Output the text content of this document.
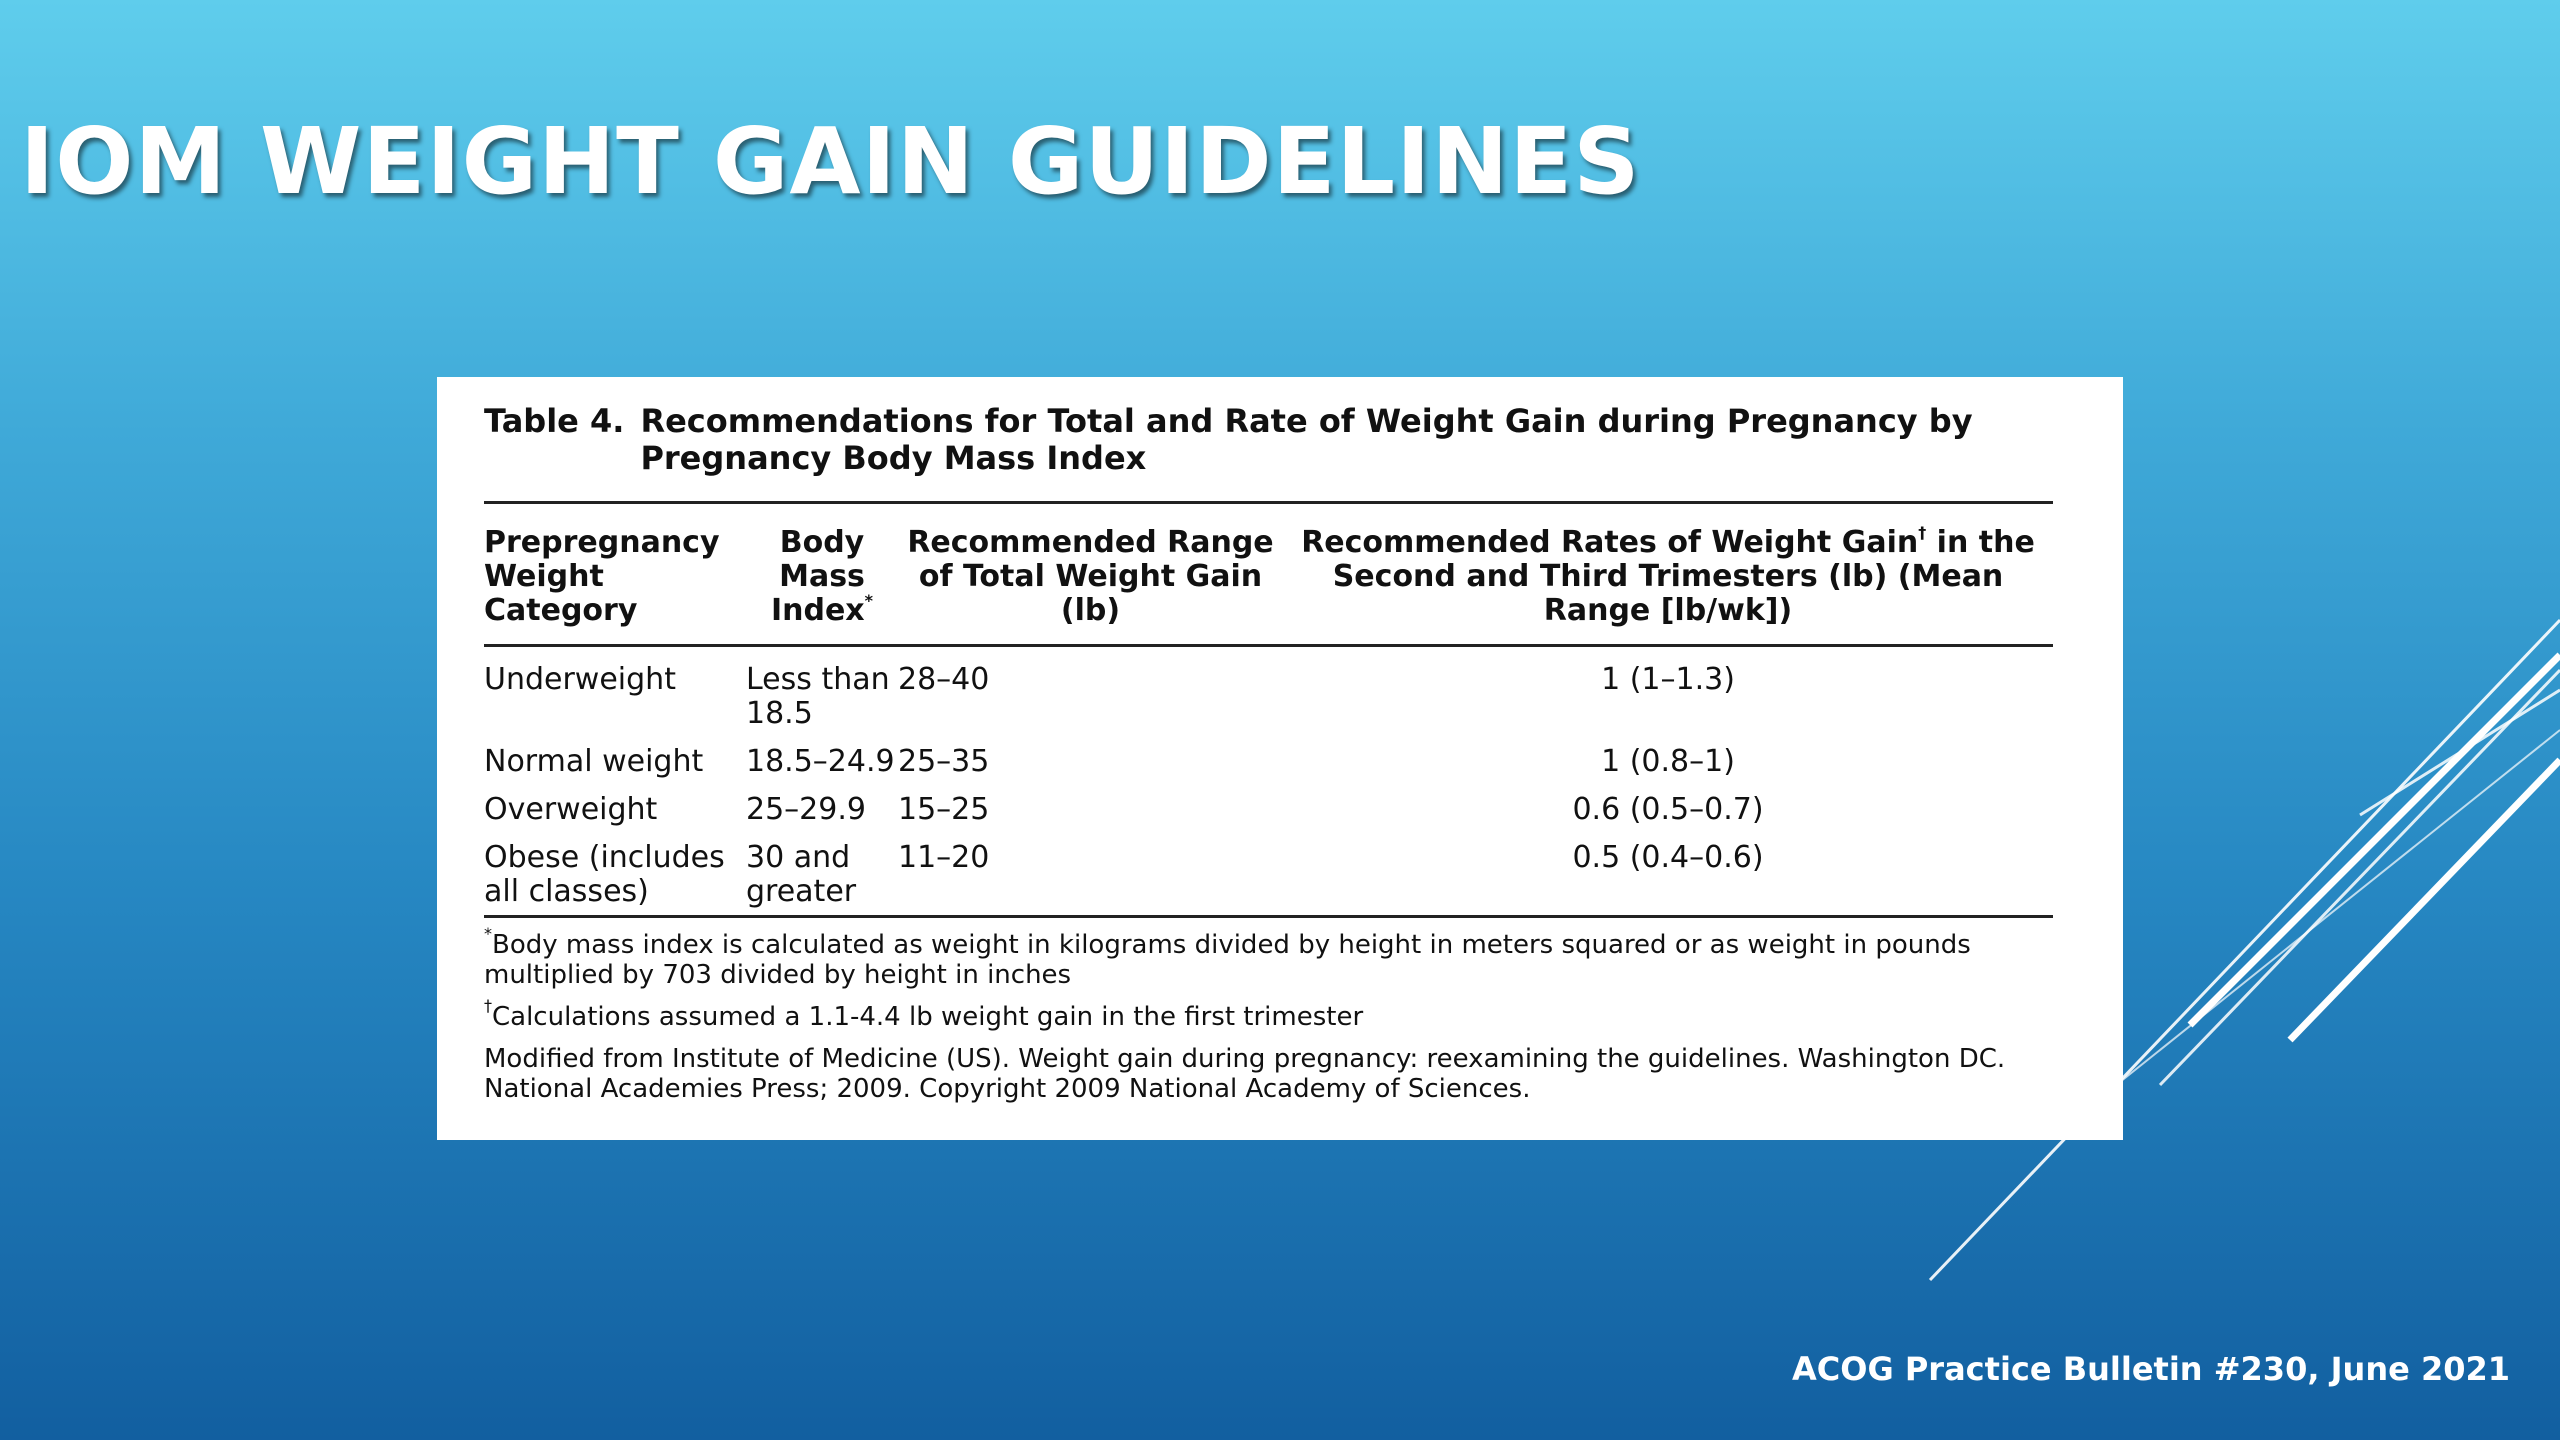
IOM WEIGHT GAIN GUIDELINES
Table 4. Recommendations for Total and Rate of Weight Gain during Pregnancy by Pregnancy Body Mass Index
Prepregnancy Weight Category	Body Mass Index*	Recommended Range of Total Weight Gain (lb)	Recommended Rates of Weight Gain† in the Second and Third Trimesters (lb) (Mean Range [lb/wk])
Underweight	Less than 18.5	28–40	1 (1–1.3)
Normal weight	18.5–24.9	25–35	1 (0.8–1)
Overweight	25–29.9	15–25	0.6 (0.5–0.7)
Obese (includes all classes)	30 and greater	11–20	0.5 (0.4–0.6)
*Body mass index is calculated as weight in kilograms divided by height in meters squared or as weight in pounds multiplied by 703 divided by height in inches
†Calculations assumed a 1.1-4.4 lb weight gain in the first trimester
Modified from Institute of Medicine (US). Weight gain during pregnancy: reexamining the guidelines. Washington DC. National Academies Press; 2009. Copyright 2009 National Academy of Sciences.
ACOG Practice Bulletin #230, June 2021
